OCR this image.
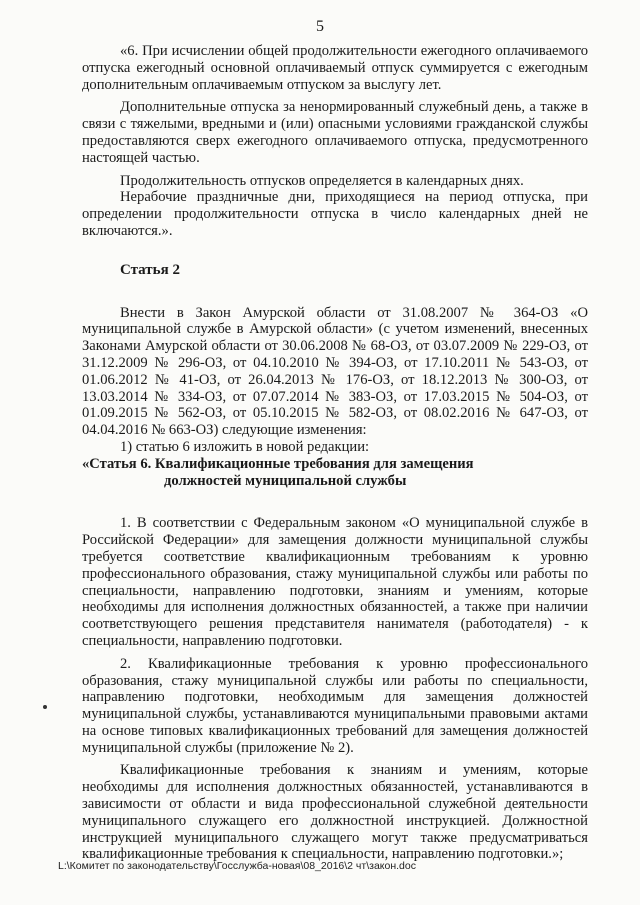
5

«6. При исчислении общей продолжительности ежегодного оплачиваемого отпуска ежегодный основной оплачиваемый отпуск суммируется с ежегодным дополнительным оплачиваемым отпуском за выслугу лет.

Дополнительные отпуска за ненормированный служебный день, а также в связи с тяжелыми, вредными и (или) опасными условиями гражданской службы предоставляются сверх ежегодного оплачиваемого отпуска, предусмотренного настоящей частью.

Продолжительность отпусков определяется в календарных днях.

Нерабочие праздничные дни, приходящиеся на период отпуска, при определении продолжительности отпуска в число календарных дней не включаются.».

Статья 2

Внести в Закон Амурской области от 31.08.2007 № 364-ОЗ «О муниципальной службе в Амурской области» (с учетом изменений, внесенных Законами Амурской области от 30.06.2008 № 68-ОЗ, от 03.07.2009 № 229-ОЗ, от 31.12.2009 № 296-ОЗ, от 04.10.2010 № 394-ОЗ, от 17.10.2011 № 543-ОЗ, от 01.06.2012 № 41-ОЗ, от 26.04.2013 № 176-ОЗ, от 18.12.2013 № 300-ОЗ, от 13.03.2014 № 334-ОЗ, от 07.07.2014 № 383-ОЗ, от 17.03.2015 № 504-ОЗ, от 01.09.2015 № 562-ОЗ, от 05.10.2015 № 582-ОЗ, от 08.02.2016 № 647-ОЗ, от 04.04.2016 № 663-ОЗ) следующие изменения:

1) статью 6 изложить в новой редакции:

«Статья 6. Квалификационные требования для замещения

должностей муниципальной службы

1. В соответствии с Федеральным законом «О муниципальной службе в Российской Федерации» для замещения должности муниципальной службы требуется соответствие квалификационным требованиям к уровню профессионального образования, стажу муниципальной службы или работы по специальности, направлению подготовки, знаниям и умениям, которые необходимы для исполнения должностных обязанностей, а также при наличии соответствующего решения представителя нанимателя (работодателя) - к специальности, направлению подготовки.

2. Квалификационные требования к уровню профессионального образования, стажу муниципальной службы или работы по специальности, направлению подготовки, необходимым для замещения должностей муниципальной службы, устанавливаются муниципальными правовыми актами на основе типовых квалификационных требований для замещения должностей муниципальной службы (приложение № 2).

Квалификационные требования к знаниям и умениям, которые необходимы для исполнения должностных обязанностей, устанавливаются в зависимости от области и вида профессиональной служебной деятельности муниципального служащего его должностной инструкцией. Должностной инструкцией муниципального служащего могут также предусматриваться квалификационные требования к специальности, направлению подготовки.»;

L:\Комитет по законодательству\Госслужба-новая\08_2016\2 чт\закон.doc
